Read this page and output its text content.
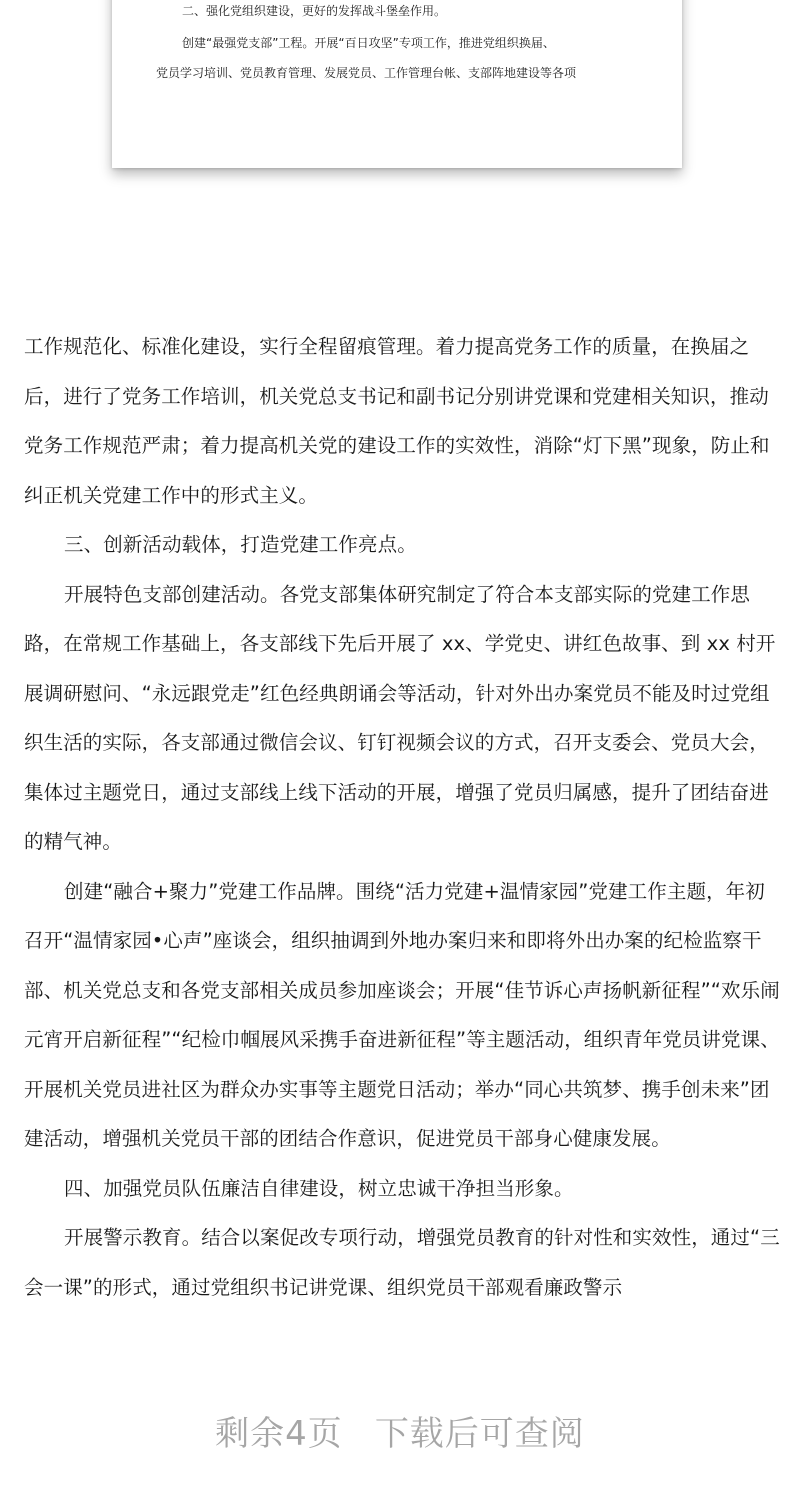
二、强化党组织建设，更好的发挥战斗堡垒作用。
创建“最强党支部”工程。开展“百日攻坚”专项工作，推进党组织换届、
党员学习培训、党员教育管理、发展党员、工作管理台帐、支部阵地建设等各项

工作规范化、标准化建设，实行全程留痕管理。着力提高党务工作的质量，在换届之后，进行了党务工作培训，机关党总支书记和副书记分别讲党课和党建相关知识，推动党务工作规范严肃；着力提高机关党的建设工作的实效性，消除“灯下黑”现象，防止和纠正机关党建工作中的形式主义。

三、创新活动载体，打造党建工作亮点。

开展特色支部创建活动。各党支部集体研究制定了符合本支部实际的党建工作思路，在常规工作基础上，各支部线下先后开展了 xx、学党史、讲红色故事、到 xx 村开展调研慰问、“永远跟党走”红色经典朗诵会等活动，针对外出办案党员不能及时过党组织生活的实际，各支部通过微信会议、钉钉视频会议的方式，召开支委会、党员大会，集体过主题党日，通过支部线上线下活动的开展，增强了党员归属感，提升了团结奋进的精气神。

创建“融合+聚力”党建工作品牌。围绕“活力党建+温情家园”党建工作主题，年初召开“温情家园•心声”座谈会，组织抽调到外地办案归来和即将外出办案的纪检监察干部、机关党总支和各党支部相关成员参加座谈会；开展“佳节诉心声扬帆新征程”“欢乐闹元宵开启新征程”“纪检巾帼展风采携手奋进新征程”等主题活动，组织青年党员讲党课、开展机关党员进社区为群众办实事等主题党日活动；举办“同心共筑梦、携手创未来”团建活动，增强机关党员干部的团结合作意识，促进党员干部身心健康发展。

四、加强党员队伍廉洁自律建设，树立忠诚干净担当形象。

开展警示教育。结合以案促改专项行动，增强党员教育的针对性和实效性，通过“三会一课”的形式，通过党组织书记讲党课、组织党员干部观看廉政警示

剩余4页 下载后可查阅
